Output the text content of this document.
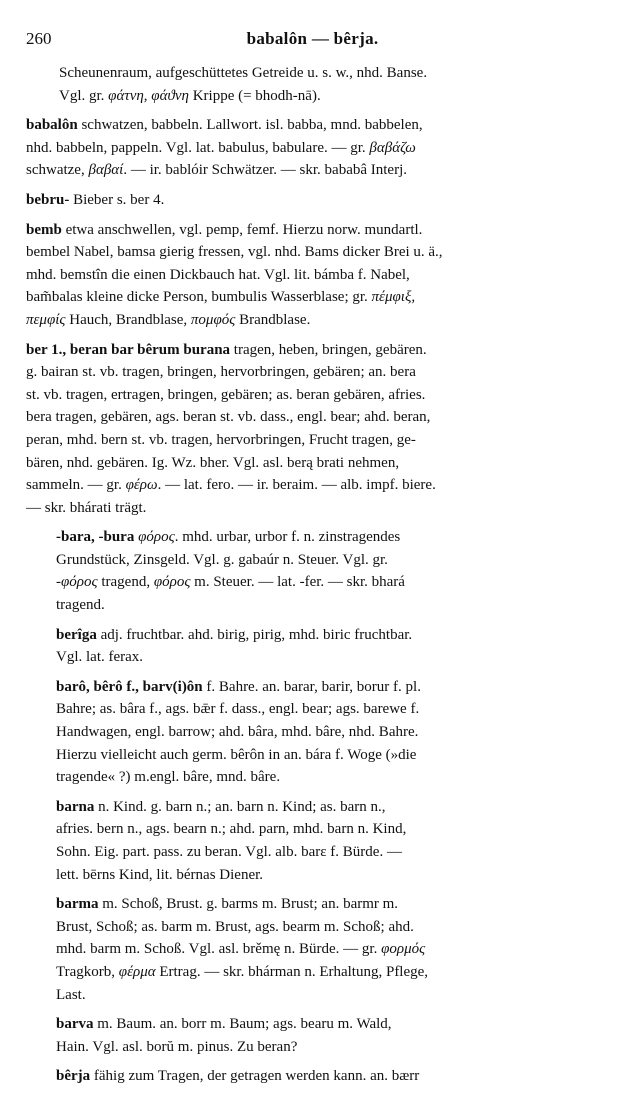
260	babalôn — bêrja.
Scheunenraum, aufgeschüttetes Getreide u. s. w., nhd. Banse.
Vgl. gr. φάτνη, φάϑνη Krippe (= bhodh-nā).
babalôn schwatzen, babbeln. Lallwort. isl. babba, mnd. babbelen,
nhd. babbeln, pappeln. Vgl. lat. babulus, babulare. — gr. βαβάζω
schwatze, βαβαί. — ir. bablóir Schwätzer. — skr. bababâ Interj.
bebru- Bieber s. ber 4.
bemb etwa anschwellen, vgl. pemp, femf. Hierzu norw. mundartl.
bembel Nabel, bamsa gierig fressen, vgl. nhd. Bams dicker Brei u. ä.,
mhd. bemstîn die einen Dickbauch hat. Vgl. lit. bámba f. Nabel,
bam̃balas kleine dicke Person, bumbulis Wasserblase; gr. πέμφιξ,
πεμφίς Hauch, Brandblase, πομφός Brandblase.
ber 1., beran bar bêrum burana tragen, heben, bringen, gebären.
g. bairan st. vb. tragen, bringen, hervorbringen, gebären; an. bera
st. vb. tragen, ertragen, bringen, gebären; as. beran gebären, afries.
bera tragen, gebären, ags. beran st. vb. dass., engl. bear; ahd. beran,
peran, mhd. bern st. vb. tragen, hervorbringen, Frucht tragen, ge-
bären, nhd. gebären. Ig. Wz. bher. Vgl. asl. berą brati nehmen,
sammeln. — gr. φέρω. — lat. fero. — ir. beraim. — alb. impf. biere.
— skr. bhárati trägt.
-bara, -bura φόρος. mhd. urbar, urbor f. n. zinstragendes
Grundstück, Zinsgeld. Vgl. g. gabaúr n. Steuer. Vgl. gr.
-φόρος tragend, φόρος m. Steuer. — lat. -fer. — skr. bhará
tragend.
berîga adj. fruchtbar. ahd. birig, pirig, mhd. biric fruchtbar.
Vgl. lat. ferax.
barô, bêrô f., barv(i)ôn f. Bahre. an. barar, barir, borur f. pl.
Bahre; as. bâra f., ags. bǣr f. dass., engl. bear; ags. barewe f.
Handwagen, engl. barrow; ahd. bâra, mhd. bâre, nhd. Bahre.
Hierzu vielleicht auch germ. bêrôn in an. bára f. Woge (»die
tragende« ?) m.engl. bâre, mnd. bâre.
barna n. Kind. g. barn n.; an. barn n. Kind; as. barn n.,
afries. bern n., ags. bearn n.; ahd. parn, mhd. barn n. Kind,
Sohn. Eig. part. pass. zu beran. Vgl. alb. barε f. Bürde. —
lett. bērns Kind, lit. bérnas Diener.
barma m. Schoß, Brust. g. barms m. Brust; an. barmr m.
Brust, Schoß; as. barm m. Brust, ags. bearm m. Schoß; ahd.
mhd. barm m. Schoß. Vgl. asl. brěmę n. Bürde. — gr. φορμός
Tragkorb, φέρμα Ertrag. — skr. bhárman n. Erhaltung, Pflege,
Last.
barva m. Baum. an. borr m. Baum; ags. bearu m. Wald,
Hain. Vgl. asl. borŭ m. pinus. Zu beran?
bêrja fähig zum Tragen, der getragen werden kann. an. bærr
